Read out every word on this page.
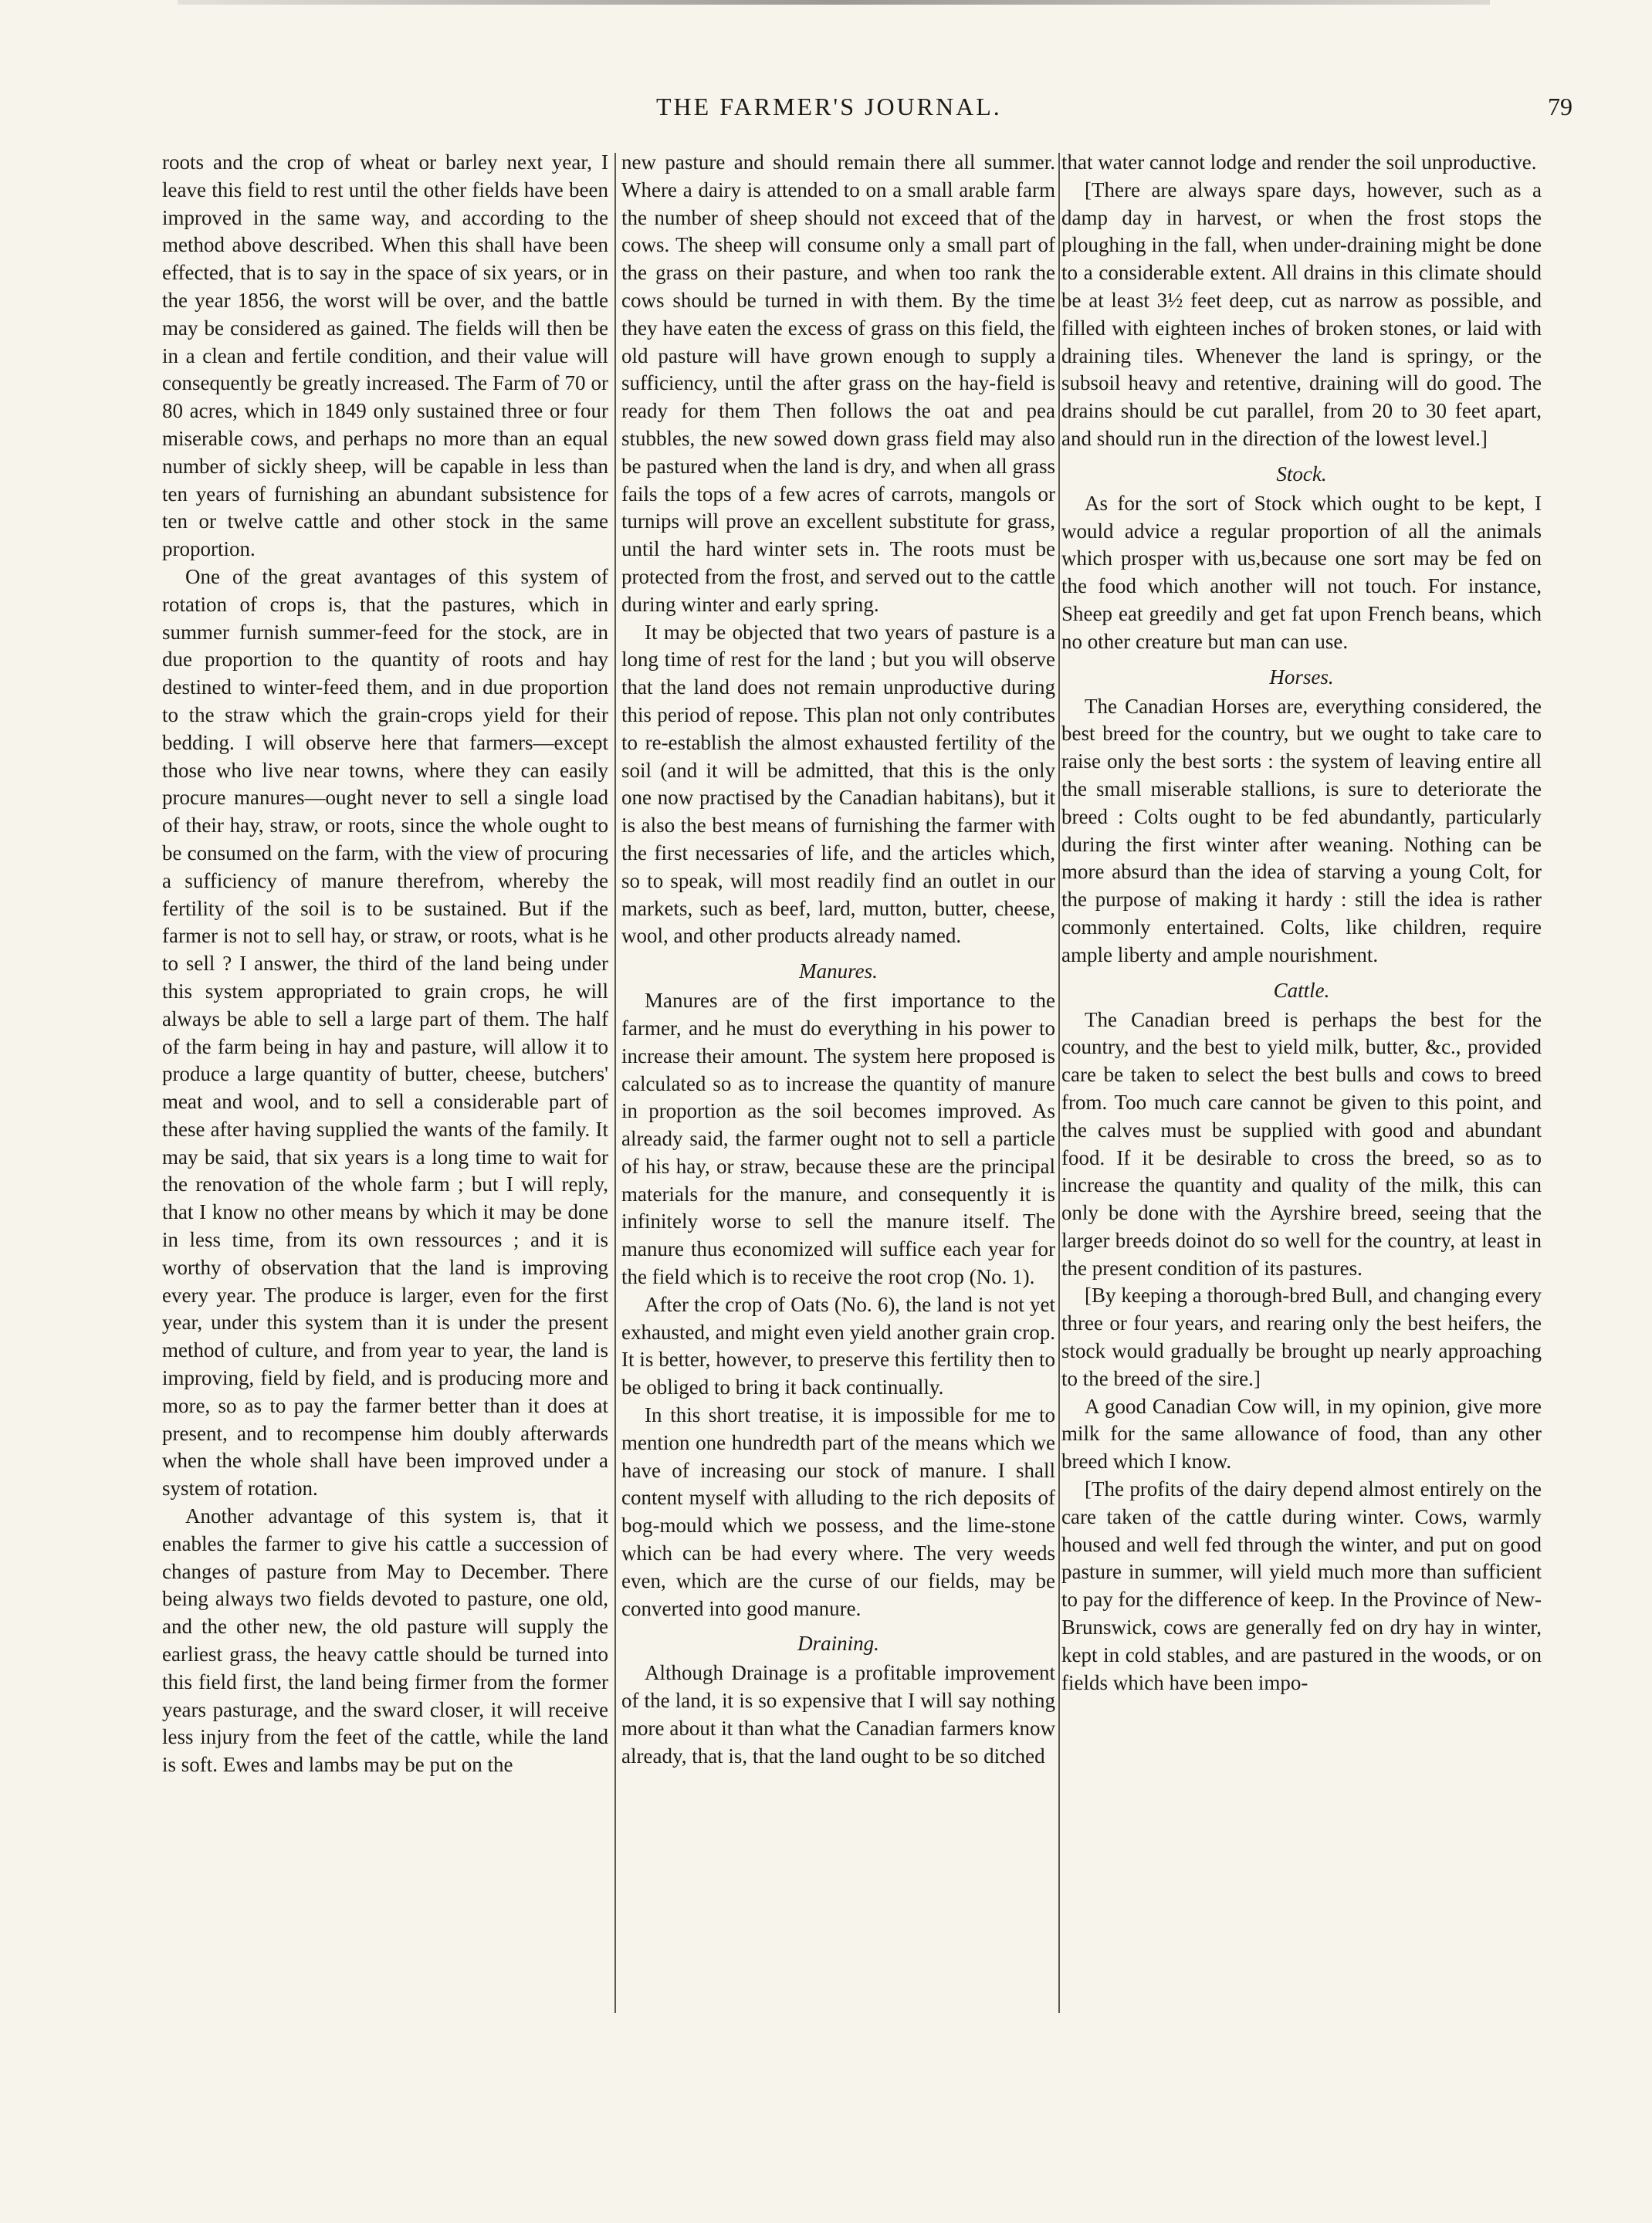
THE FARMER'S JOURNAL.	79

roots and the crop of wheat or barley next year, I leave this field to rest until the other fields have been improved in the same way, and according to the method above described. When this shall have been effected, that is to say in the space of six years, or in the year 1856, the worst will be over, and the battle may be considered as gained. The fields will then be in a clean and fertile condition, and their value will consequently be greatly increased. The Farm of 70 or 80 acres, which in 1849 only sustained three or four miserable cows, and perhaps no more than an equal number of sickly sheep, will be capable in less than ten years of furnishing an abundant subsistence for ten or twelve cattle and other stock in the same proportion.

One of the great avantages of this system of rotation of crops is, that the pastures, which in summer furnish summer-feed for the stock, are in due proportion to the quantity of roots and hay destined to winter-feed them, and in due proportion to the straw which the grain-crops yield for their bedding. I will observe here that farmers—except those who live near towns, where they can easily procure manures—ought never to sell a single load of their hay, straw, or roots, since the whole ought to be consumed on the farm, with the view of procuring a sufficiency of manure therefrom, whereby the fertility of the soil is to be sustained. But if the farmer is not to sell hay, or straw, or roots, what is he to sell ? I answer, the third of the land being under this system appropriated to grain crops, he will always be able to sell a large part of them. The half of the farm being in hay and pasture, will allow it to produce a large quantity of butter, cheese, butchers' meat and wool, and to sell a considerable part of these after having supplied the wants of the family. It may be said, that six years is a long time to wait for the renovation of the whole farm ; but I will reply, that I know no other means by which it may be done in less time, from its own ressources ; and it is worthy of observation that the land is improving every year. The produce is larger, even for the first year, under this system than it is under the present method of culture, and from year to year, the land is improving, field by field, and is producing more and more, so as to pay the farmer better than it does at present, and to recompense him doubly afterwards when the whole shall have been improved under a system of rotation.

Another advantage of this system is, that it enables the farmer to give his cattle a succession of changes of pasture from May to December. There being always two fields devoted to pasture, one old, and the other new, the old pasture will supply the earliest grass, the heavy cattle should be turned into this field first, the land being firmer from the former years pasturage, and the sward closer, it will receive less injury from the feet of the cattle, while the land is soft. Ewes and lambs may be put on the

new pasture and should remain there all summer. Where a dairy is attended to on a small arable farm the number of sheep should not exceed that of the cows. The sheep will consume only a small part of the grass on their pasture, and when too rank the cows should be turned in with them. By the time they have eaten the excess of grass on this field, the old pasture will have grown enough to supply a sufficiency, until the after grass on the hay-field is ready for them Then follows the oat and pea stubbles, the new sowed down grass field may also be pastured when the land is dry, and when all grass fails the tops of a few acres of carrots, mangols or turnips will prove an excellent substitute for grass, until the hard winter sets in. The roots must be protected from the frost, and served out to the cattle during winter and early spring.

It may be objected that two years of pasture is a long time of rest for the land ; but you will observe that the land does not remain unproductive during this period of repose. This plan not only contributes to re-establish the almost exhausted fertility of the soil (and it will be admitted, that this is the only one now practised by the Canadian habitans), but it is also the best means of furnishing the farmer with the first necessaries of life, and the articles which, so to speak, will most readily find an outlet in our markets, such as beef, lard, mutton, butter, cheese, wool, and other products already named.

Manures.

Manures are of the first importance to the farmer, and he must do everything in his power to increase their amount. The system here proposed is calculated so as to increase the quantity of manure in proportion as the soil becomes improved. As already said, the farmer ought not to sell a particle of his hay, or straw, because these are the principal materials for the manure, and consequently it is infinitely worse to sell the manure itself. The manure thus economized will suffice each year for the field which is to receive the root crop (No. 1).

After the crop of Oats (No. 6), the land is not yet exhausted, and might even yield another grain crop. It is better, however, to preserve this fertility then to be obliged to bring it back continually.

In this short treatise, it is impossible for me to mention one hundredth part of the means which we have of increasing our stock of manure. I shall content myself with alluding to the rich deposits of bog-mould which we possess, and the lime-stone which can be had every where. The very weeds even, which are the curse of our fields, may be converted into good manure.

Draining.

Although Drainage is a profitable improvement of the land, it is so expensive that I will say nothing more about it than what the Canadian farmers know already, that is, that the land ought to be so ditched

that water cannot lodge and render the soil unproductive.

[There are always spare days, however, such as a damp day in harvest, or when the frost stops the ploughing in the fall, when under-draining might be done to a considerable extent. All drains in this climate should be at least 3½ feet deep, cut as narrow as possible, and filled with eighteen inches of broken stones, or laid with draining tiles. Whenever the land is springy, or the subsoil heavy and retentive, draining will do good. The drains should be cut parallel, from 20 to 30 feet apart, and should run in the direction of the lowest level.]

Stock.

As for the sort of Stock which ought to be kept, I would advice a regular proportion of all the animals which prosper with us,because one sort may be fed on the food which another will not touch. For instance, Sheep eat greedily and get fat upon French beans, which no other creature but man can use.

Horses.

The Canadian Horses are, everything considered, the best breed for the country, but we ought to take care to raise only the best sorts : the system of leaving entire all the small miserable stallions, is sure to deteriorate the breed : Colts ought to be fed abundantly, particularly during the first winter after weaning. Nothing can be more absurd than the idea of starving a young Colt, for the purpose of making it hardy : still the idea is rather commonly entertained. Colts, like children, require ample liberty and ample nourishment.

Cattle.

The Canadian breed is perhaps the best for the country, and the best to yield milk, butter, &c., provided care be taken to select the best bulls and cows to breed from. Too much care cannot be given to this point, and the calves must be supplied with good and abundant food. If it be desirable to cross the breed, so as to increase the quantity and quality of the milk, this can only be done with the Ayrshire breed, seeing that the larger breeds doinot do so well for the country, at least in the present condition of its pastures.

[By keeping a thorough-bred Bull, and changing every three or four years, and rearing only the best heifers, the stock would gradually be brought up nearly approaching to the breed of the sire.]

A good Canadian Cow will, in my opinion, give more milk for the same allowance of food, than any other breed which I know.

[The profits of the dairy depend almost entirely on the care taken of the cattle during winter. Cows, warmly housed and well fed through the winter, and put on good pasture in summer, will yield much more than sufficient to pay for the difference of keep. In the Province of New-Brunswick, cows are generally fed on dry hay in winter, kept in cold stables, and are pastured in the woods, or on fields which have been impo-
